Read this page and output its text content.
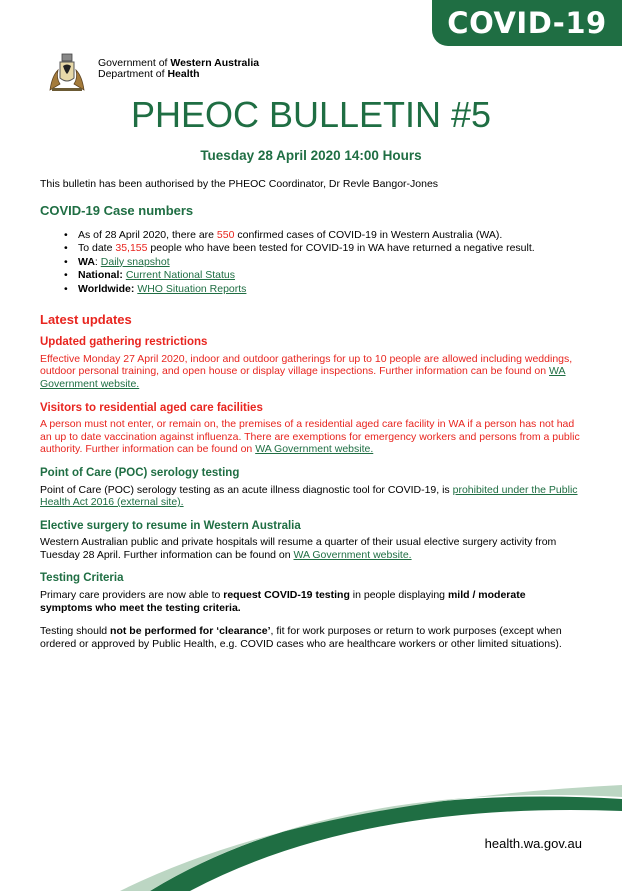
COVID-19
Government of Western Australia
Department of Health
PHEOC BULLETIN #5
Tuesday 28 April 2020 14:00 Hours
This bulletin has been authorised by the PHEOC Coordinator, Dr Revle Bangor-Jones
COVID-19 Case numbers
• As of 28 April 2020, there are 550 confirmed cases of COVID-19 in Western Australia (WA).
• To date 35,155 people who have been tested for COVID-19 in WA have returned a negative result.
• WA: Daily snapshot
• National: Current National Status
• Worldwide: WHO Situation Reports
Latest updates
Updated gathering restrictions

Effective Monday 27 April 2020, indoor and outdoor gatherings for up to 10 people are allowed including weddings, outdoor personal training, and open house or display village inspections. Further information can be found on WA Government website.

Visitors to residential aged care facilities

A person must not enter, or remain on, the premises of a residential aged care facility in WA if a person has not had an up to date vaccination against influenza. There are exemptions for emergency workers and persons from a public authority. Further information can be found on WA Government website.

Point of Care (POC) serology testing

Point of Care (POC) serology testing as an acute illness diagnostic tool for COVID-19, is prohibited under the Public Health Act 2016 (external site).

Elective surgery to resume in Western Australia

Western Australian public and private hospitals will resume a quarter of their usual elective surgery activity from Tuesday 28 April. Further information can be found on WA Government website.

Testing Criteria

Primary care providers are now able to request COVID-19 testing in people displaying mild / moderate symptoms who meet the testing criteria.

Testing should not be performed for ‘clearance’, fit for work purposes or return to work purposes (except when ordered or approved by Public Health, e.g. COVID cases who are healthcare workers or other limited situations).

health.wa.gov.au
